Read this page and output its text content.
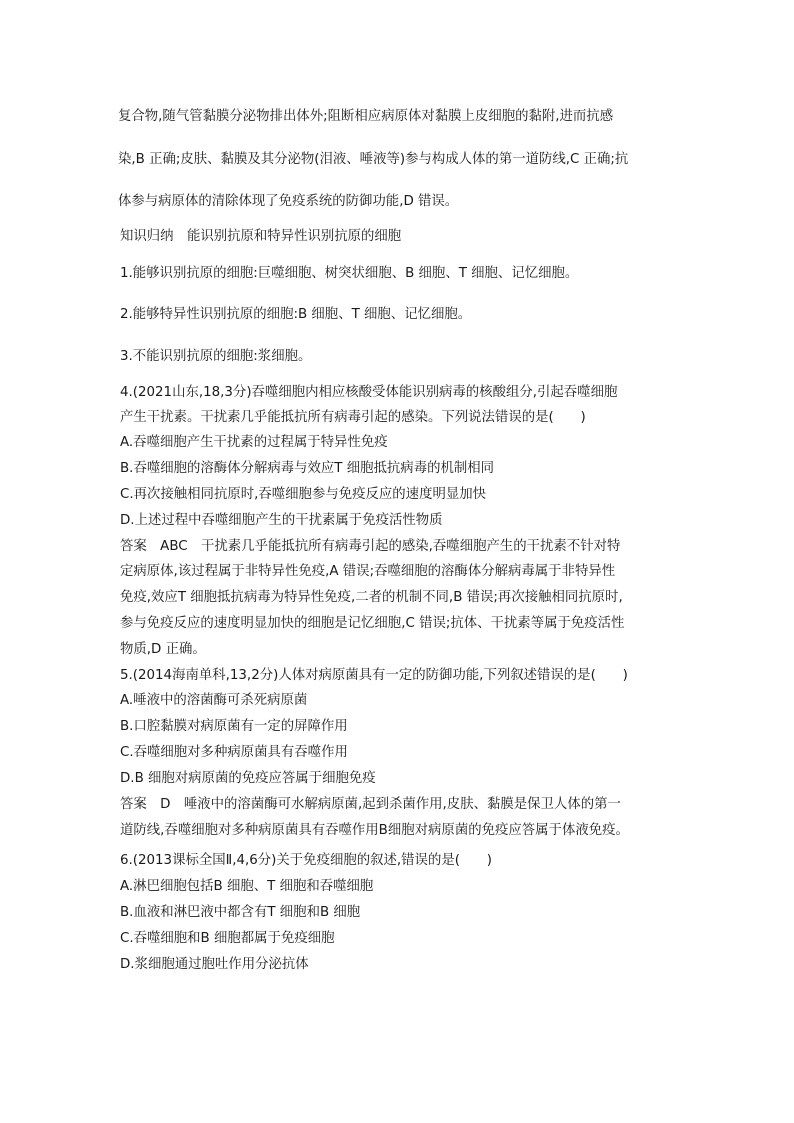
复合物,随气管黏膜分泌物排出体外;阻断相应病原体对黏膜上皮细胞的黏附,进而抗感
染,B 正确;皮肤、黏膜及其分泌物(泪液、唾液等)参与构成人体的第一道防线,C 正确;抗
体参与病原体的清除体现了免疫系统的防御功能,D 错误。
知识归纳　能识别抗原和特异性识别抗原的细胞
1.能够识别抗原的细胞:巨噬细胞、树突状细胞、B 细胞、T 细胞、记忆细胞。
2.能够特异性识别抗原的细胞:B 细胞、T 细胞、记忆细胞。
3.不能识别抗原的细胞:浆细胞。
4.(2021山东,18,3分)吞噬细胞内相应核酸受体能识别病毒的核酸组分,引起吞噬细胞
产生干扰素。干扰素几乎能抵抗所有病毒引起的感染。下列说法错误的是(　　)
A.吞噬细胞产生干扰素的过程属于特异性免疫
B.吞噬细胞的溶酶体分解病毒与效应T 细胞抵抗病毒的机制相同
C.再次接触相同抗原时,吞噬细胞参与免疫反应的速度明显加快
D.上述过程中吞噬细胞产生的干扰素属于免疫活性物质
答案　ABC　干扰素几乎能抵抗所有病毒引起的感染,吞噬细胞产生的干扰素不针对特
定病原体,该过程属于非特异性免疫,A 错误;吞噬细胞的溶酶体分解病毒属于非特异性
免疫,效应T 细胞抵抗病毒为特异性免疫,二者的机制不同,B 错误;再次接触相同抗原时,
参与免疫反应的速度明显加快的细胞是记忆细胞,C 错误;抗体、干扰素等属于免疫活性
物质,D 正确。
5.(2014海南单科,13,2分)人体对病原菌具有一定的防御功能,下列叙述错误的是(　　)
A.唾液中的溶菌酶可杀死病原菌
B.口腔黏膜对病原菌有一定的屏障作用
C.吞噬细胞对多种病原菌具有吞噬作用
D.B 细胞对病原菌的免疫应答属于细胞免疫
答案　D　唾液中的溶菌酶可水解病原菌,起到杀菌作用,皮肤、黏膜是保卫人体的第一
道防线,吞噬细胞对多种病原菌具有吞噬作用B细胞对病原菌的免疫应答属于体液免疫。
6.(2013课标全国Ⅱ,4,6分)关于免疫细胞的叙述,错误的是(　　)
A.淋巴细胞包括B 细胞、T 细胞和吞噬细胞
B.血液和淋巴液中都含有T 细胞和B 细胞
C.吞噬细胞和B 细胞都属于免疫细胞
D.浆细胞通过胞吐作用分泌抗体
